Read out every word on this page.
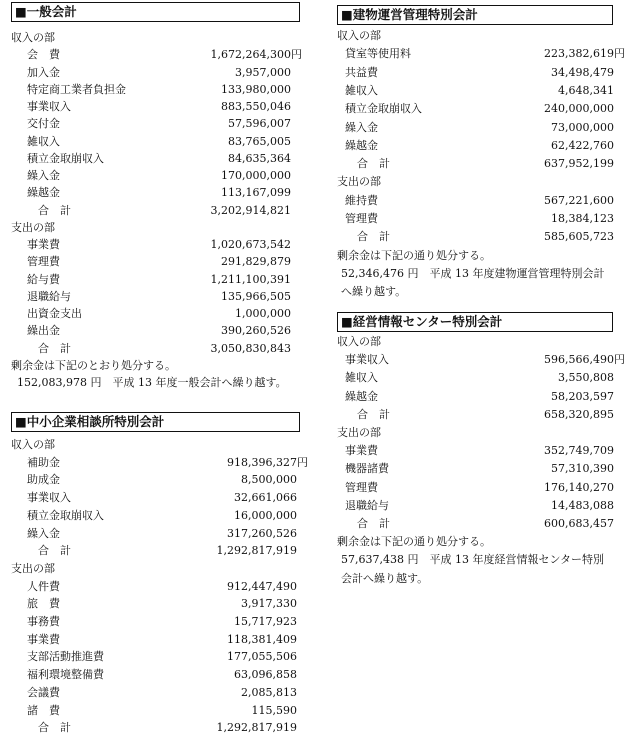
■一般会計
収入の部
会　費	1,672,264,300 円
加入金	3,957,000
特定商工業者負担金	133,980,000
事業収入	883,550,046
交付金	57,596,007
雑収入	83,765,005
積立金取崩収入	84,635,364
繰入金	170,000,000
繰越金	113,167,099
合　計	3,202,914,821
支出の部
事業費	1,020,673,542
管理費	291,829,879
給与費	1,211,100,391
退職給与	135,966,505
出資金支出	1,000,000
繰出金	390,260,526
合　計	3,050,830,843
剰余金は下記のとおり処分する。
152,083,978 円　平成 13 年度一般会計へ繰り越す。
■中小企業相談所特別会計
収入の部
補助金	918,396,327 円
助成金	8,500,000
事業収入	32,661,066
積立金取崩収入	16,000,000
繰入金	317,260,526
合　計	1,292,817,919
支出の部
人件費	912,447,490
旅　費	3,917,330
事務費	15,717,923
事業費	118,381,409
支部活動推進費	177,055,506
福利環境整備費	63,096,858
会議費	2,085,813
諸　費	115,590
合　計	1,292,817,919
■建物運営管理特別会計
収入の部
貸室等使用料	223,382,619 円
共益費	34,498,479
雑収入	4,648,341
積立金取崩収入	240,000,000
繰入金	73,000,000
繰越金	62,422,760
合　計	637,952,199
支出の部
維持費	567,221,600
管理費	18,384,123
合　計	585,605,723
剰余金は下記の通り処分する。
52,346,476 円　平成 13 年度建物運営管理特別会計
へ繰り越す。
■経営情報センター特別会計
収入の部
事業収入	596,566,490 円
雑収入	3,550,808
繰越金	58,203,597
合　計	658,320,895
支出の部
事業費	352,749,709
機器諸費	57,310,390
管理費	176,140,270
退職給与	14,483,088
合　計	600,683,457
剰余金は下記の通り処分する。
57,637,438 円　平成 13 年度経営情報センター特別
会計へ繰り越す。
